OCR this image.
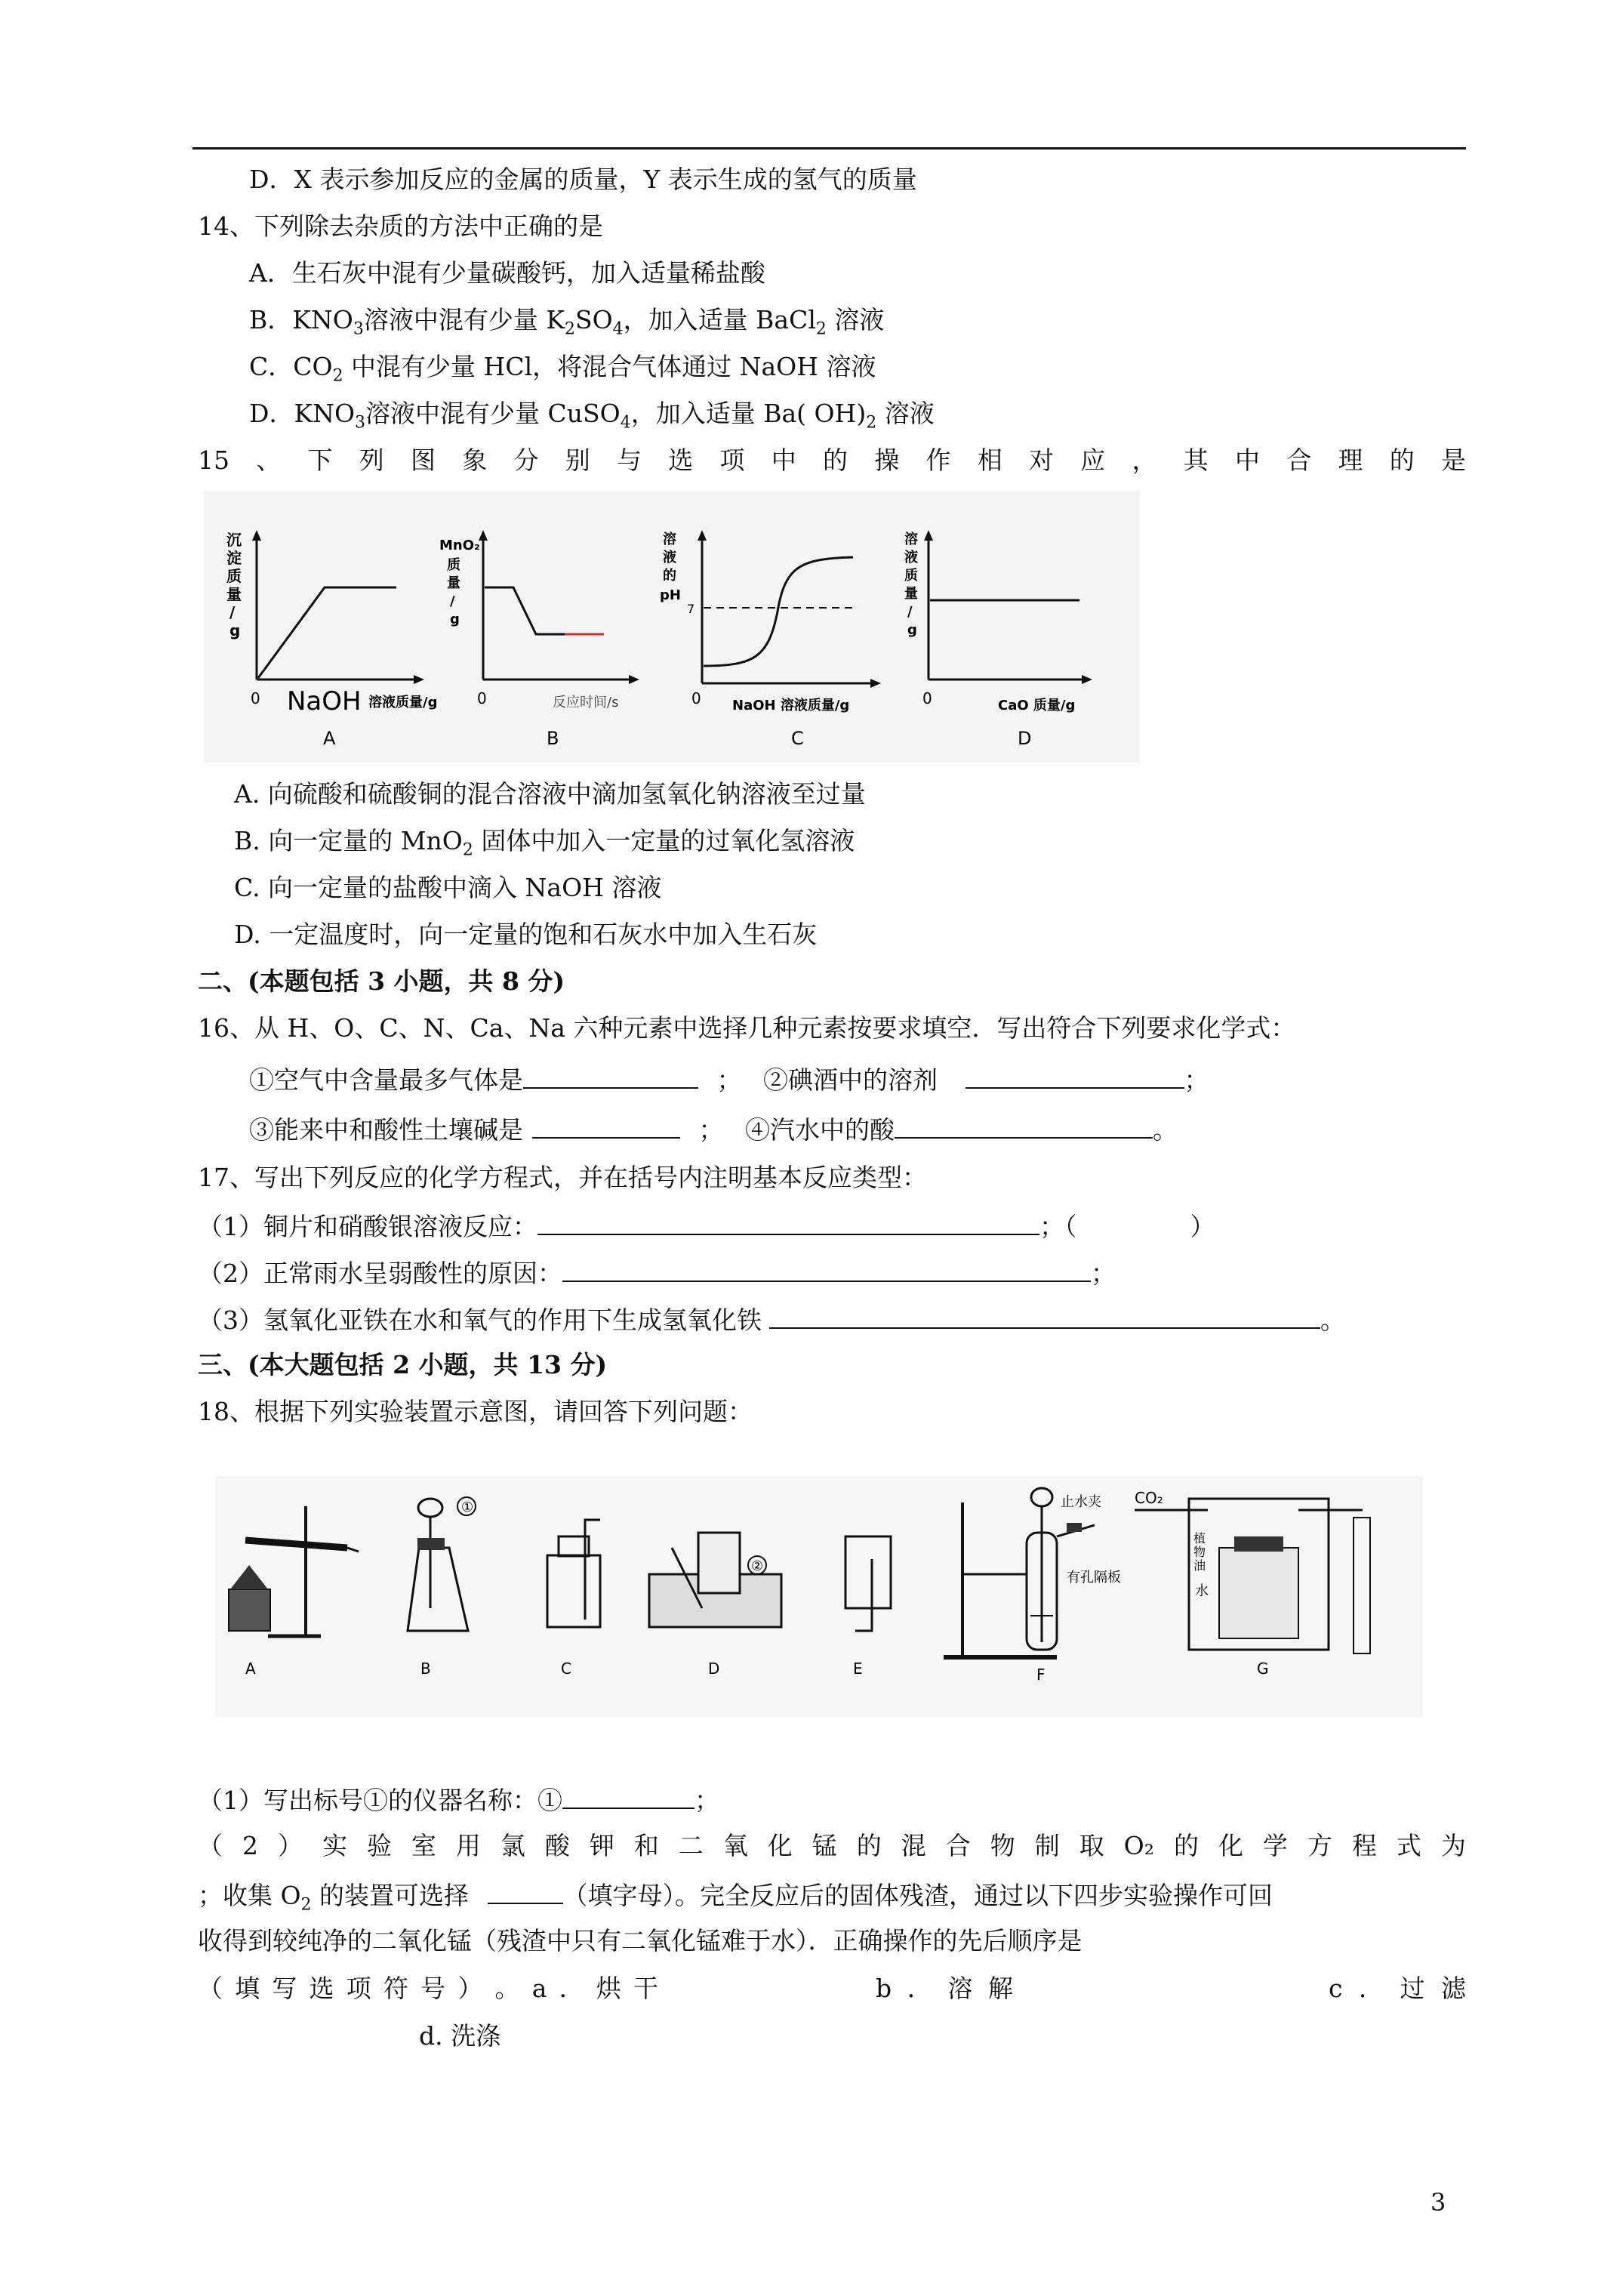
D．X 表示参加反应的金属的质量，Y 表示生成的氢气的质量
14、下列除去杂质的方法中正确的是
A．生石灰中混有少量碳酸钙，加入适量稀盐酸
B．$KNO_3$溶液中混有少量 $K_2SO_4$，加入适量 BaCl$_2$ 溶液
C．$CO_2$ 中混有少量 HCl，将混合气体通过 NaOH 溶液
D．$KNO_3$溶液中混有少量 CuSO$_4$，加入适量 Ba( $OH)_2$ 溶液
15 、 下 列 图 象 分 别 与 选 项 中 的 操 作 相 对 应 ， 其 中 合 理 的 是
沉 淀 质 量 / g
0 NaOH 溶液质量/g
A
MnO₂ 质 量 / g
0	反应时间/s
B
溶 液 的 pH
7
0 NaOH 溶液质量/g
C
溶 液 质 量 / g
0	CaO 质量/g
D
A. 向硫酸和硫酸铜的混合溶液中滴加氢氧化钠溶液至过量
B. 向一定量的 MnO$_2$ 固体中加入一定量的过氧化氢溶液
C. 向一定量的盐酸中滴入 NaOH 溶液
D. 一定温度时，向一定量的饱和石灰水中加入生石灰
二、(本题包括 3 小题，共 8 分)
16、从 H、O、C、N、Ca、Na 六种元素中选择几种元素按要求填空．写出符合下列要求化学式：
①空气中含量最多气体是	； ②碘酒中的溶剂	；
③能来中和酸性土壤碱是	； ④汽水中的酸	。
17、写出下列反应的化学方程式，并在括号内注明基本反应类型：
（1）铜片和硝酸银溶液反应：	；（	）
（2）正常雨水呈弱酸性的原因：	；
（3）氢氧化亚铁在水和氧气的作用下生成氢氧化铁	。
三、(本大题包括 2 小题，共 13 分)
18、根据下列实验装置示意图，请回答下列问题：
A
①
B	C
②
D	E
止水夹
有孔隔板
F
CO₂
植 物 油
水
G
（1）写出标号①的仪器名称：①	；
（ 2 ） 实 验 室 用 氯 酸 钾 和 二 氧 化 锰 的 混 合 物 制 取 O₂ 的 化 学 方 程 式 为
；收集 $O_2$ 的装置可选择	（填字母）。完全反应后的固体残渣，通过以下四步实验操作可回
收得到较纯净的二氧化锰（残渣中只有二氧化锰难于水）．正确操作的先后顺序是
（ 填 写 选 项 符 号 ） 。 a ． 烘 干	b ． 溶 解	c ． 过 滤
d. 洗涤
3
